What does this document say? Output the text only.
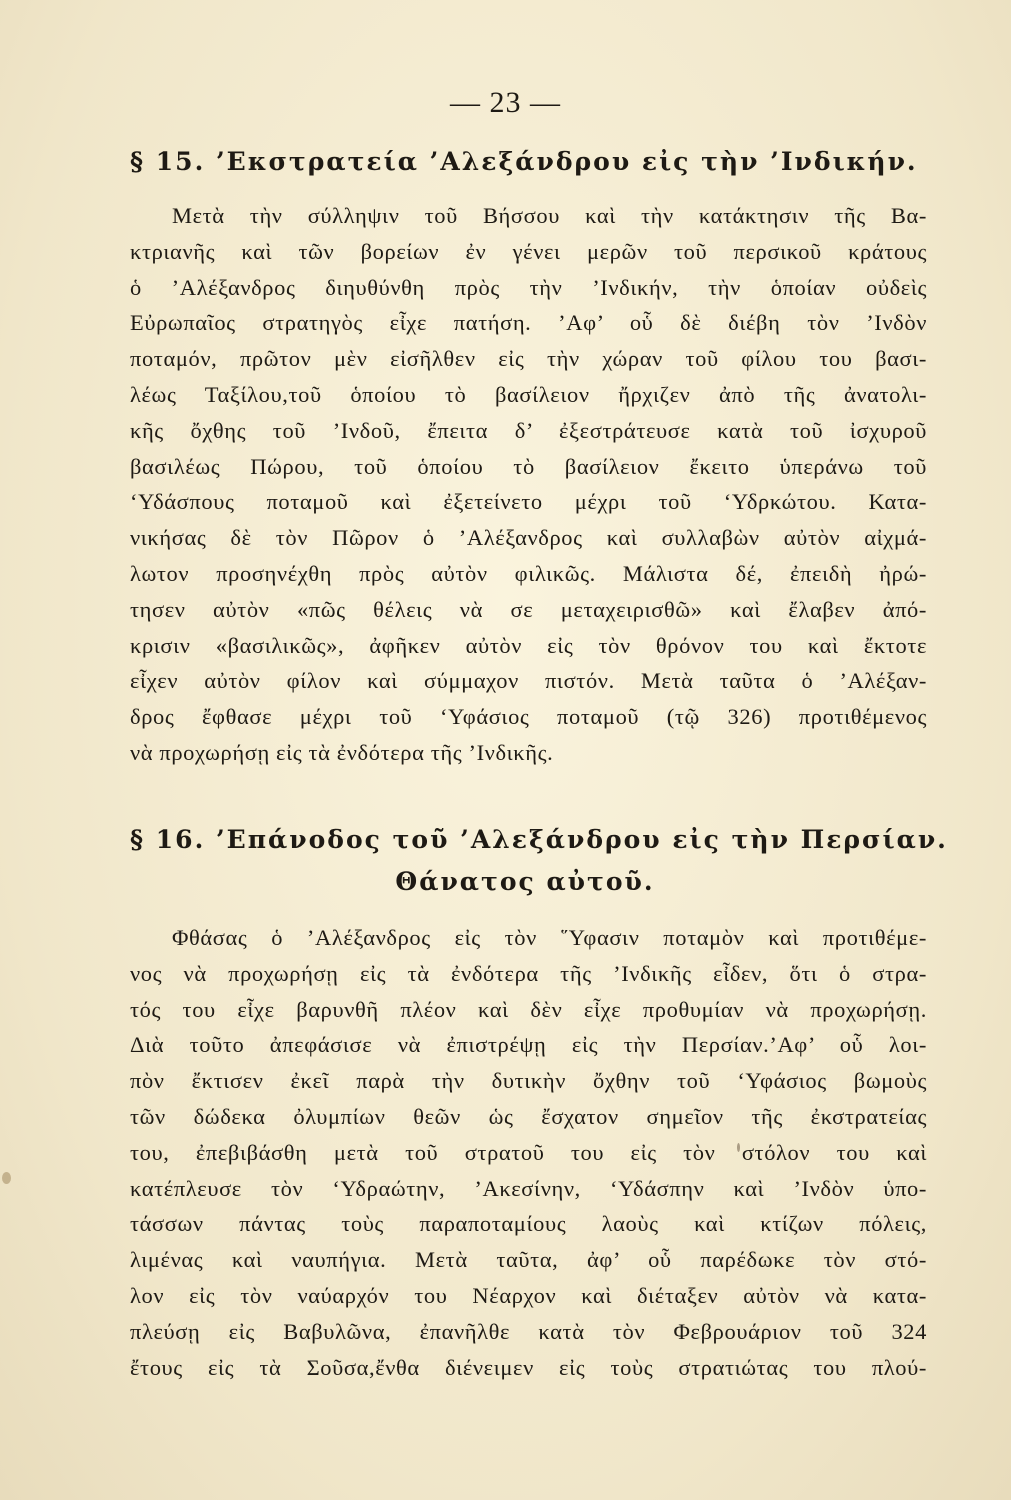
— 23 —
§ 15. ’Εκστρατεία ’Αλεξάνδρου εἰς τὴν ’Ινδικήν.
Μετὰ τὴν σύλληψιν τοῦ Βήσσου καὶ τὴν κατάκτησιν τῆς Βα-
κτριανῆς καὶ τῶν βορείων ἐν γένει μερῶν τοῦ περσικοῦ κράτους
ὁ ’Αλέξανδρος διηυθύνθη πρὸς τὴν ’Ινδικήν, τὴν ὁποίαν οὐδεὶς
Εὐρωπαῖος στρατηγὸς εἶχε πατήση. ’Αφ’ οὗ δὲ διέβη τὸν ’Ινδὸν
ποταμόν, πρῶτον μὲν εἰσῆλθεν εἰς τὴν χώραν τοῦ φίλου του βασι-
λέως Ταξίλου,τοῦ ὁποίου τὸ βασίλειον ἤρχιζεν ἀπὸ τῆς ἀνατολι-
κῆς ὄχθης τοῦ ’Ινδοῦ, ἔπειτα δ’ ἐξεστράτευσε κατὰ τοῦ ἰσχυροῦ
βασιλέως Πώρου, τοῦ ὁποίου τὸ βασίλειον ἔκειτο ὑπεράνω τοῦ
‘Υδάσπους ποταμοῦ καὶ ἐξετείνετο μέχρι τοῦ ‘Υδρκώτου. Κατα-
νικήσας δὲ τὸν Πῶρον ὁ ’Αλέξανδρος καὶ συλλαβὼν αὐτὸν αἰχμά-
λωτον προσηνέχθη πρὸς αὐτὸν φιλικῶς. Μάλιστα δέ, ἐπειδὴ ἠρώ-
τησεν αὐτὸν «πῶς θέλεις νὰ σε μεταχειρισθῶ» καὶ ἔλαβεν ἀπό-
κρισιν «βασιλικῶς», ἀφῆκεν αὐτὸν εἰς τὸν θρόνον του καὶ ἔκτοτε
εἶχεν αὐτὸν φίλον καὶ σύμμαχον πιστόν. Μετὰ ταῦτα ὁ ’Αλέξαν-
δρος ἔφθασε μέχρι τοῦ ‘Υφάσιος ποταμοῦ (τῷ 326) προτιθέμενος
νὰ προχωρήσῃ εἰς τὰ ἐνδότερα τῆς ’Ινδικῆς.
§ 16. ’Επάνοδος τοῦ ’Αλεξάνδρου εἰς τὴν Περσίαν.
Θάνατος αὐτοῦ.
Φθάσας ὁ ’Αλέξανδρος εἰς τὸν ῞Υφασιν ποταμὸν καὶ προτιθέμε-
νος νὰ προχωρήσῃ εἰς τὰ ἐνδότερα τῆς ’Ινδικῆς εἶδεν, ὅτι ὁ στρα-
τός του εἶχε βαρυνθῆ πλέον καὶ δὲν εἶχε προθυμίαν νὰ προχωρήσῃ.
Διὰ τοῦτο ἀπεφάσισε νὰ ἐπιστρέψῃ εἰς τὴν Περσίαν.’Αφ’ οὗ λοι-
πὸν ἔκτισεν ἐκεῖ παρὰ τὴν δυτικὴν ὄχθην τοῦ ‘Υφάσιος βωμοὺς
τῶν δώδεκα ὀλυμπίων θεῶν ὡς ἔσχατον σημεῖον τῆς ἐκστρατείας
του, ἐπεβιβάσθη μετὰ τοῦ στρατοῦ του εἰς τὸν στόλον του καὶ
κατέπλευσε τὸν ‘Υδραώτην, ’Ακεσίνην, ‘Υδάσπην καὶ ’Ινδὸν ὑπο-
τάσσων πάντας τοὺς παραποταμίους λαοὺς καὶ κτίζων πόλεις,
λιμένας καὶ ναυπήγια. Μετὰ ταῦτα, ἀφ’ οὗ παρέδωκε τὸν στό-
λον εἰς τὸν ναύαρχόν του Νέαρχον καὶ διέταξεν αὐτὸν νὰ κατα-
πλεύσῃ εἰς Βαβυλῶνα, ἐπανῆλθε κατὰ τὸν Φεβρουάριον τοῦ 324
ἔτους εἰς τὰ Σοῦσα,ἔνθα διένειμεν εἰς τοὺς στρατιώτας του πλού-
